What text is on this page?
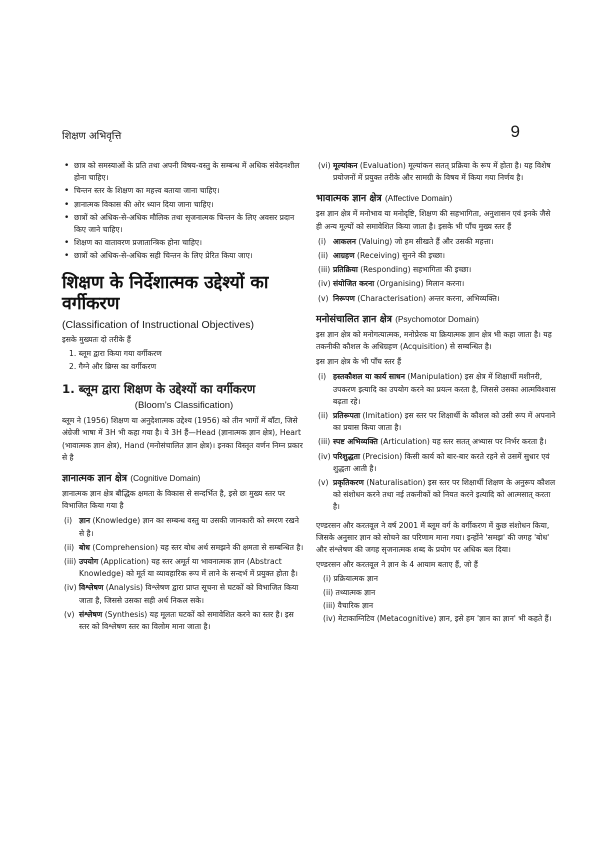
शिक्षण अभिवृत्ति	9
• छात्र को समस्याओं के प्रति तथा अपनी विषय-वस्तु के सम्बन्ध में अधिक संवेदनशील होना चाहिए।
• चिन्तन स्तर के शिक्षण का महत्त्व बताया जाना चाहिए।
• ज्ञानात्मक विकास की ओर ध्यान दिया जाना चाहिए।
• छात्रों को अधिक-से-अधिक मौलिक तथा सृजनात्मक चिन्तन के लिए अवसर प्रदान किए जाने चाहिए।
• शिक्षण का वातावरण प्रजातान्त्रिक होना चाहिए।
• छात्रों को अधिक-से-अधिक सही चिन्तन के लिए प्रेरित किया जाए।
शिक्षण के निर्देशात्मक उद्देश्यों का वर्गीकरण
(Classification of Instructional Objectives)

इसके मुख्यतः दो तरीके हैं

1. ब्लूम द्वारा किया गया वर्गीकरण
2. गैग्ने और ब्रिग्स का वर्गीकरण
1. ब्लूम द्वारा शिक्षण के उद्देश्यों का वर्गीकरण
(Bloom's Classification)

ब्लूम ने (1956) शिक्षण या अनुदेशात्मक उद्देश्य (1956) को तीन भागों में बाँटा, जिसे अंग्रेजी भाषा में 3H भी कहा गया है। ये 3H हैं—Head (ज्ञानात्मक ज्ञान क्षेत्र), Heart (भावात्मक ज्ञान क्षेत्र), Hand (मनोसंचालित ज्ञान क्षेत्र)। इनका विस्तृत वर्णन निम्न प्रकार से है

ज्ञानात्मक ज्ञान क्षेत्र (Cognitive Domain)

ज्ञानात्मक ज्ञान क्षेत्र बौद्धिक क्षमता के विकास से सन्दर्भित है, इसे छः मुख्य स्तर पर विभाजित किया गया है

(i) ज्ञान (Knowledge) ज्ञान का सम्बन्ध वस्तु या उसकी जानकारी को स्मरण रखने से है।
(ii) बोध (Comprehension) यह स्तर बोध अर्थ समझने की क्षमता से सम्बन्धित है।
(iii) उपयोग (Application) यह स्तर अमूर्त या भावनात्मक ज्ञान (Abstract Knowledge) को मूर्त या व्यावहारिक रूप में लाने के सन्दर्भ में प्रयुक्त होता है।
(iv) विश्लेषण (Analysis) विश्लेषण द्वारा प्राप्त सूचना से घटकों को विभाजित किया जाता है, जिससे उसका सही अर्थ निकल सके।
(v) संश्लेषण (Synthesis) यह मूलतः घटकों को समावेशित करने का स्तर है। इस स्तर को विश्लेषण स्तर का विलोम माना जाता है।
(vi) मूल्यांकन (Evaluation) मूल्यांकन सतत् प्रक्रिया के रूप में होता है। यह विशेष प्रयोजनों में प्रयुक्त तरीके और सामग्री के विषय में किया गया निर्णय है।
भावात्मक ज्ञान क्षेत्र (Affective Domain)

इस ज्ञान क्षेत्र में मनोभाव या मनोदृष्टि, शिक्षण की सहभागिता, अनुशासन एवं इनके जैसे ही अन्य मूल्यों को समावेशित किया जाता है। इसके भी पाँच मुख्य स्तर हैं

(i) आकलन (Valuing) जो हम सीखते हैं और उसकी महत्ता।
(ii) आग्रहण (Receiving) सुनने की इच्छा।
(iii) प्रतिक्रिया (Responding) सहभागिता की इच्छा।
(iv) संयोजित करना (Organising) मिलान करना।
(v) निरूपण (Characterisation) अन्तर करना, अभिव्यक्ति।
मनोसंचालित ज्ञान क्षेत्र (Psychomotor Domain)

इस ज्ञान क्षेत्र को मनोगत्यात्मक, मनोप्रेरक या क्रियात्मक ज्ञान क्षेत्र भी कहा जाता है। यह तकनीकी कौशल के अधिग्रहण (Acquisition) से सम्बन्धित है।

इस ज्ञान क्षेत्र के भी पाँच स्तर हैं

(i) हस्तकौशल या कार्य साधन (Manipulation) इस क्षेत्र में शिक्षार्थी मशीनरी, उपकरण इत्यादि का उपयोग करने का प्रयत्न करता है, जिससे उसका आत्मविश्वास बढ़ता रहे।
(ii) प्रतिरूपता (Imitation) इस स्तर पर शिक्षार्थी के कौशल को उसी रूप में अपनाने का प्रयास किया जाता है।
(iii) स्पष्ट अभिव्यक्ति (Articulation) यह स्तर सतत् अभ्यास पर निर्भर करता है।
(iv) परिशुद्धता (Precision) किसी कार्य को बार-बार करते रहने से उसमें सुधार एवं शुद्धता आती है।
(v) प्रकृतिकरण (Naturalisation) इस स्तर पर शिक्षार्थी शिक्षण के अनुरूप कौशल को संशोधन करने तथा नई तकनीकों को नियत करने इत्यादि को आत्मसात् करता है।

एण्डरसन और करतवूल ने वर्ष 2001 में ब्लूम वर्ग के वर्गीकरण में कुछ संशोधन किया, जिसके अनुसार ज्ञान को सोचने का परिणाम माना गया। इन्होंने 'समझ' की जगह 'बोध' और संश्लेषण की जगह सृजनात्मक शब्द के प्रयोग पर अधिक बल दिया।

एण्डरसन और करतवूल ने ज्ञान के 4 आयाम बताए हैं, जो हैं

(i) प्रक्रियात्मक ज्ञान
(ii) तथ्यात्मक ज्ञान
(iii) वैचारिक ज्ञान
(iv) मेटाकाग्निटिव (Metacognitive) ज्ञान, इसे हम 'ज्ञान का ज्ञान' भी कहते हैं।
